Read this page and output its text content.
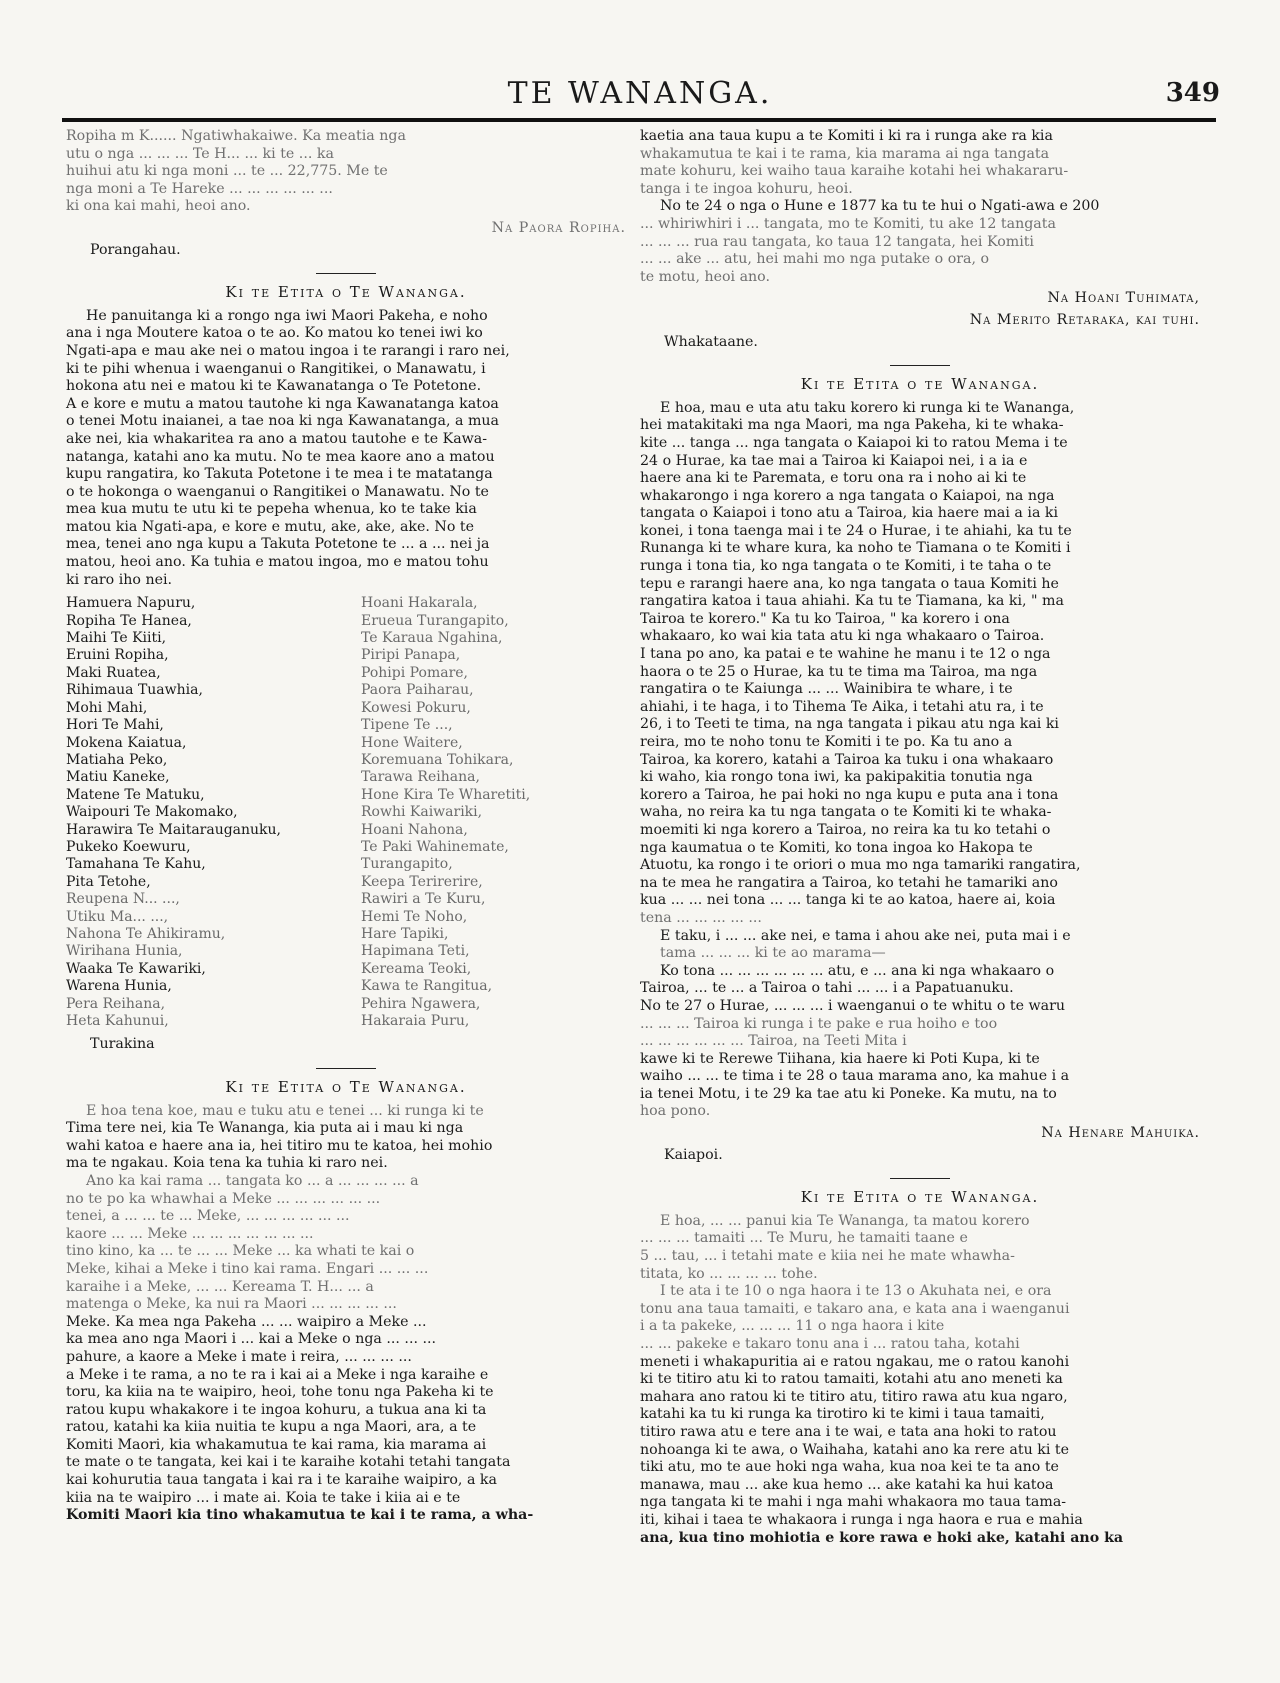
TE WANANGA.	349

Ropiha m K...... Ngatiwhakaiwe. Ka meatia nga

utu o nga ... ... ... Te H... ... ki te ... ka

huihui atu ki nga moni ... te ... 22,775. Me te

nga moni a Te Hareke ... ... ... ... ... ...

ki ona kai mahi, heoi ano.

Na Paora Ropiha.

Porangahau.

Ki te Etita o Te Wananga.

He panuitanga ki a rongo nga iwi Maori Pakeha, e noho

ana i nga Moutere katoa o te ao. Ko matou ko tenei iwi ko

Ngati-apa e mau ake nei o matou ingoa i te rarangi i raro nei,

ki te pihi whenua i waenganui o Rangitikei, o Manawatu, i

hokona atu nei e matou ki te Kawanatanga o Te Potetone.

A e kore e mutu a matou tautohe ki nga Kawanatanga katoa

o tenei Motu inaianei, a tae noa ki nga Kawanatanga, a mua

ake nei, kia whakaritea ra ano a matou tautohe e te Kawa-

natanga, katahi ano ka mutu. No te mea kaore ano a matou

kupu rangatira, ko Takuta Potetone i te mea i te matatanga

o te hokonga o waenganui o Rangitikei o Manawatu. No te

mea kua mutu te utu ki te pepeha whenua, ko te take kia

matou kia Ngati-apa, e kore e mutu, ake, ake, ake. No te

mea, tenei ano nga kupu a Takuta Potetone te ... a ... nei ja

matou, heoi ano. Ka tuhia e matou ingoa, mo e matou tohu

ki raro iho nei.

Hamuera Napuru,
Ropiha Te Hanea,
Maihi Te Kiiti,
Eruini Ropiha,
Maki Ruatea,
Rihimaua Tuawhia,
Mohi Mahi,
Hori Te Mahi,
Mokena Kaiatua,
Matiaha Peko,
Matiu Kaneke,
Matene Te Matuku,
Waipouri Te Makomako,
Harawira Te Maitarauganuku,
Pukeko Koewuru,
Tamahana Te Kahu,
Pita Tetohe,
Reupena N... ...,
Utiku Ma... ...,
Nahona Te Ahikiramu,
Wirihana Hunia,
Waaka Te Kawariki,
Warena Hunia,
Pera Reihana,
Heta Kahunui,
Hoani Hakarala,
Erueua Turangapito,
Te Karaua Ngahina,
Piripi Panapa,
Pohipi Pomare,
Paora Paiharau,
Kowesi Pokuru,
Tipene Te ...,
Hone Waitere,
Koremuana Tohikara,
Tarawa Reihana,
Hone Kira Te Wharetiti,
Rowhi Kaiwariki,
Hoani Nahona,
Te Paki Wahinemate,
Turangapito,
Keepa Terirerire,
Rawiri a Te Kuru,
Hemi Te Noho,
Hare Tapiki,
Hapimana Teti,
Kereama Teoki,
Kawa te Rangitua,
Pehira Ngawera,
Hakaraia Puru,

Turakina

Ki te Etita o Te Wananga.

E hoa tena koe, mau e tuku atu e tenei ... ki runga ki te

Tima tere nei, kia Te Wananga, kia puta ai i mau ki nga

wahi katoa e haere ana ia, hei titiro mu te katoa, hei mohio

ma te ngakau. Koia tena ka tuhia ki raro nei.

Ano ka kai rama ... tangata ko ... a ... ... ... ... a

no te po ka whawhai a Meke ... ... ... ... ... ...

tenei, a ... ... te ... Meke, ... ... ... ... ... ...

kaore ... ... Meke ... ... ... ... ... ... ...

tino kino, ka ... te ... ... Meke ... ka whati te kai o

Meke, kihai a Meke i tino kai rama. Engari ... ... ...

karaihe i a Meke, ... ... Kereama T. H... ... a

matenga o Meke, ka nui ra Maori ... ... ... ... ...

Meke. Ka mea nga Pakeha ... ... waipiro a Meke ...

ka mea ano nga Maori i ... kai a Meke o nga ... ... ...

pahure, a kaore a Meke i mate i reira, ... ... ... ...

a Meke i te rama, a no te ra i kai ai a Meke i nga karaihe e

toru, ka kiia na te waipiro, heoi, tohe tonu nga Pakeha ki te

ratou kupu whakakore i te ingoa kohuru, a tukua ana ki ta

ratou, katahi ka kiia nuitia te kupu a nga Maori, ara, a te

Komiti Maori, kia whakamutua te kai rama, kia marama ai

te mate o te tangata, kei kai i te karaihe kotahi tetahi tangata

kai kohurutia taua tangata i kai ra i te karaihe waipiro, a ka

kiia na te waipiro ... i mate ai. Koia te take i kiia ai e te

Komiti Maori kia tino whakamutua te kai i te rama, a wha-

kaetia ana taua kupu a te Komiti i ki ra i runga ake ra kia

whakamutua te kai i te rama, kia marama ai nga tangata

mate kohuru, kei waiho taua karaihe kotahi hei whakararu-

tanga i te ingoa kohuru, heoi.

No te 24 o nga o Hune e 1877 ka tu te hui o Ngati-awa e 200

... whiriwhiri i ... tangata, mo te Komiti, tu ake 12 tangata

... ... ... rua rau tangata, ko taua 12 tangata, hei Komiti

... ... ake ... atu, hei mahi mo nga putake o ora, o

te motu, heoi ano.

Na Hoani Tuhimata,

Na Merito Retaraka, kai tuhi.

Whakataane.

Ki te Etita o te Wananga.

E hoa, mau e uta atu taku korero ki runga ki te Wananga,

hei matakitaki ma nga Maori, ma nga Pakeha, ki te whaka-

kite ... tanga ... nga tangata o Kaiapoi ki to ratou Mema i te

24 o Hurae, ka tae mai a Tairoa ki Kaiapoi nei, i a ia e

haere ana ki te Paremata, e toru ona ra i noho ai ki te

whakarongo i nga korero a nga tangata o Kaiapoi, na nga

tangata o Kaiapoi i tono atu a Tairoa, kia haere mai a ia ki

konei, i tona taenga mai i te 24 o Hurae, i te ahiahi, ka tu te

Runanga ki te whare kura, ka noho te Tiamana o te Komiti i

runga i tona tia, ko nga tangata o te Komiti, i te taha o te

tepu e rarangi haere ana, ko nga tangata o taua Komiti he

rangatira katoa i taua ahiahi. Ka tu te Tiamana, ka ki, " ma

Tairoa te korero." Ka tu ko Tairoa, " ka korero i ona

whakaaro, ko wai kia tata atu ki nga whakaaro o Tairoa.

I tana po ano, ka patai e te wahine he manu i te 12 o nga

haora o te 25 o Hurae, ka tu te tima ma Tairoa, ma nga

rangatira o te Kaiunga ... ... Wainibira te whare, i te

ahiahi, i te haga, i to Tihema Te Aika, i tetahi atu ra, i te

26, i to Teeti te tima, na nga tangata i pikau atu nga kai ki

reira, mo te noho tonu te Komiti i te po. Ka tu ano a

Tairoa, ka korero, katahi a Tairoa ka tuku i ona whakaaro

ki waho, kia rongo tona iwi, ka pakipakitia tonutia nga

korero a Tairoa, he pai hoki no nga kupu e puta ana i tona

waha, no reira ka tu nga tangata o te Komiti ki te whaka-

moemiti ki nga korero a Tairoa, no reira ka tu ko tetahi o

nga kaumatua o te Komiti, ko tona ingoa ko Hakopa te

Atuotu, ka rongo i te oriori o mua mo nga tamariki rangatira,

na te mea he rangatira a Tairoa, ko tetahi he tamariki ano

kua ... ... nei tona ... ... tanga ki te ao katoa, haere ai, koia

tena ... ... ... ... ...

E taku, i ... ... ake nei, e tama i ahou ake nei, puta mai i e

tama ... ... ... ki te ao marama—

Ko tona ... ... ... ... ... ... atu, e ... ana ki nga whakaaro o

Tairoa, ... te ... a Tairoa o tahi ... ... i a Papatuanuku.

No te 27 o Hurae, ... ... ... i waenganui o te whitu o te waru

... ... ... Tairoa ki runga i te pake e rua hoiho e too

... ... ... ... ... ... Tairoa, na Teeti Mita i

kawe ki te Rerewe Tiihana, kia haere ki Poti Kupa, ki te

waiho ... ... te tima i te 28 o taua marama ano, ka mahue i a

ia tenei Motu, i te 29 ka tae atu ki Poneke. Ka mutu, na to

hoa pono.

Na Henare Mahuika.

Kaiapoi.

Ki te Etita o te Wananga.

E hoa, ... ... panui kia Te Wananga, ta matou korero

... ... ... tamaiti ... Te Muru, he tamaiti taane e

5 ... tau, ... i tetahi mate e kiia nei he mate whawha-

titata, ko ... ... ... ... tohe.

I te ata i te 10 o nga haora i te 13 o Akuhata nei, e ora

tonu ana taua tamaiti, e takaro ana, e kata ana i waenganui

i a ta pakeke, ... ... ... 11 o nga haora i kite

... ... pakeke e takaro tonu ana i ... ratou taha, kotahi

meneti i whakapuritia ai e ratou ngakau, me o ratou kanohi

ki te titiro atu ki to ratou tamaiti, kotahi atu ano meneti ka

mahara ano ratou ki te titiro atu, titiro rawa atu kua ngaro,

katahi ka tu ki runga ka tirotiro ki te kimi i taua tamaiti,

titiro rawa atu e tere ana i te wai, e tata ana hoki to ratou

nohoanga ki te awa, o Waihaha, katahi ano ka rere atu ki te

tiki atu, mo te aue hoki nga waha, kua noa kei te ta ano te

manawa, mau ... ake kua hemo ... ake katahi ka hui katoa

nga tangata ki te mahi i nga mahi whakaora mo taua tama-

iti, kihai i taea te whakaora i runga i nga haora e rua e mahia

ana, kua tino mohiotia e kore rawa e hoki ake, katahi ano ka
